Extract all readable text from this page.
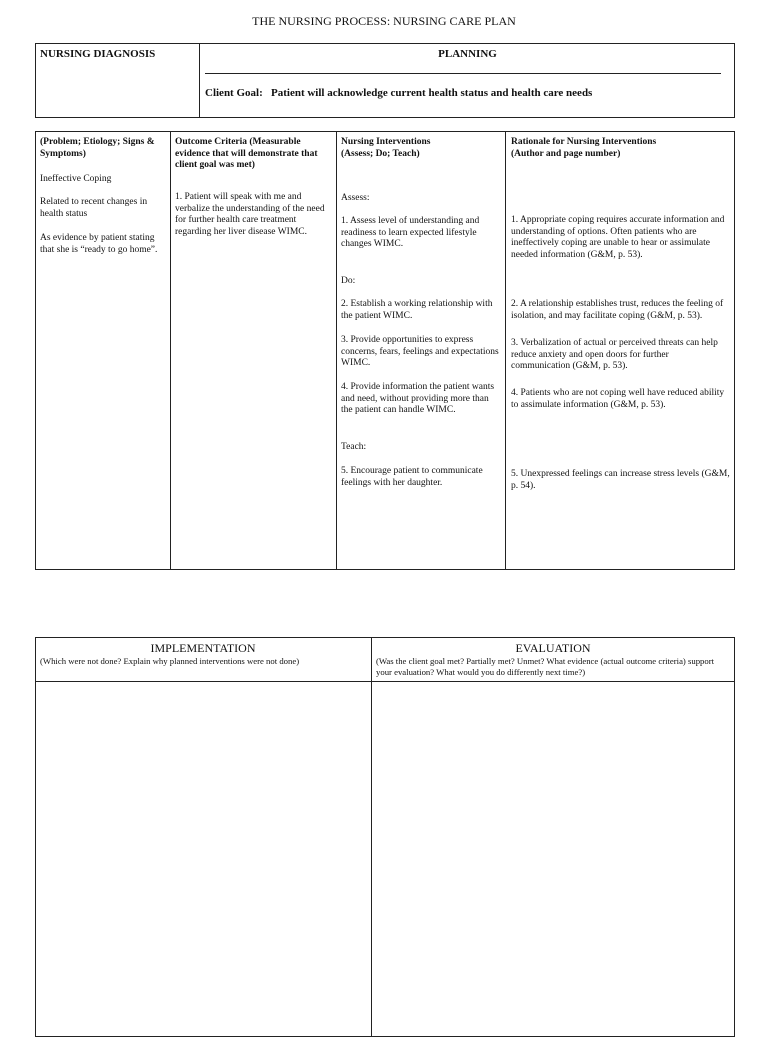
THE NURSING PROCESS: NURSING CARE PLAN
NURSING DIAGNOSIS	PLANNING
Client Goal: Patient will acknowledge current health status and health care needs
(Problem; Etiology; Signs & Symptoms)
Ineffective Coping
Related to recent changes in health status
As evidence by patient stating that she is “ready to go home”.
Outcome Criteria (Measurable evidence that will demonstrate that client goal was met)
1. Patient will speak with me and verbalize the understanding of the need for further health care treatment regarding her liver disease WIMC.

Nursing Interventions

(Assess; Do; Teach)

Assess:
1. Assess level of understanding and readiness to learn expected lifestyle changes WIMC.
Do:
2. Establish a working relationship with the patient WIMC.
3. Provide opportunities to express concerns, fears, feelings and expectations WIMC.
4. Provide information the patient wants and need, without providing more than the patient can handle WIMC.
Teach:
5. Encourage patient to communicate feelings with her daughter.

Rationale for Nursing Interventions

(Author and page number)

1. Appropriate coping requires accurate information and understanding of options. Often patients who are ineffectively coping are unable to hear or assimulate needed information (G&M, p. 53).
2. A relationship establishes trust, reduces the feeling of isolation, and may facilitate coping (G&M, p. 53).
3. Verbalization of actual or perceived threats can help reduce anxiety and open doors for further communication (G&M, p. 53).
4. Patients who are not coping well have reduced ability to assimulate information (G&M, p. 53).
5. Unexpressed feelings can increase stress levels (G&M, p. 54).
IMPLEMENTATION
(Which were not done? Explain why planned interventions were not done)
EVALUATION
(Was the client goal met? Partially met? Unmet? What evidence (actual outcome criteria) support your evaluation? What would you do differently next time?)
